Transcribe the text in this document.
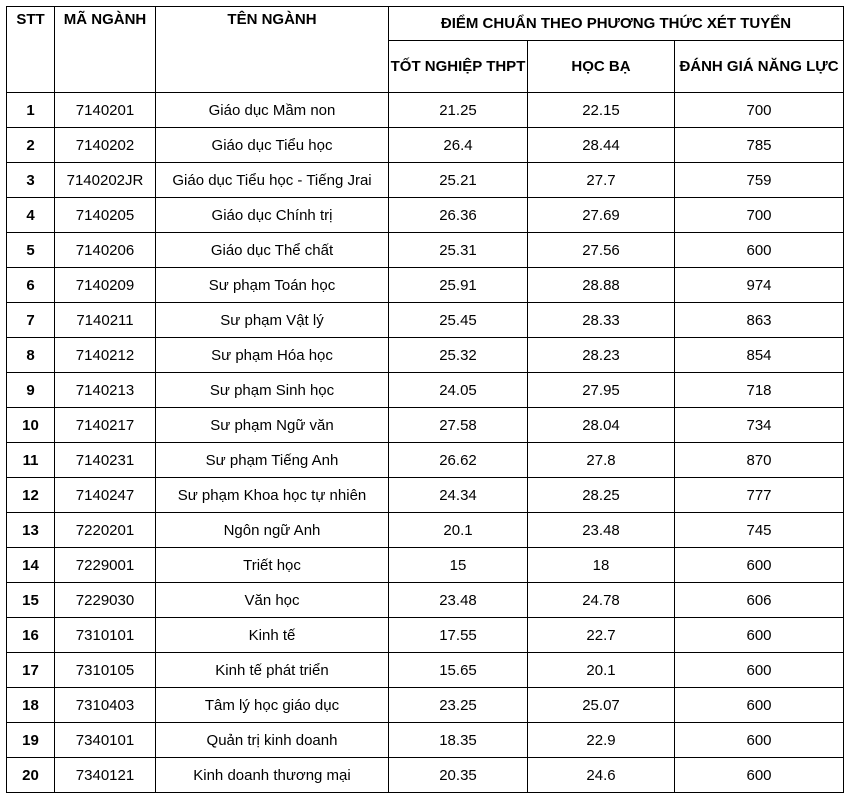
STT	MÃ NGÀNH	TÊN NGÀNH	ĐIỂM CHUẨN THEO PHƯƠNG THỨC XÉT TUYỂN		
			TỐT NGHIỆP THPT	HỌC BẠ	ĐÁNH GIÁ NĂNG LỰC
1	7140201	Giáo dục Mầm non	21.25	22.15	700
2	7140202	Giáo dục Tiểu học	26.4	28.44	785
3	7140202JR	Giáo dục Tiểu học - Tiếng Jrai	25.21	27.7	759
4	7140205	Giáo dục Chính trị	26.36	27.69	700
5	7140206	Giáo dục Thể chất	25.31	27.56	600
6	7140209	Sư phạm Toán học	25.91	28.88	974
7	7140211	Sư phạm Vật lý	25.45	28.33	863
8	7140212	Sư phạm Hóa học	25.32	28.23	854
9	7140213	Sư phạm Sinh học	24.05	27.95	718
10	7140217	Sư phạm Ngữ văn	27.58	28.04	734
11	7140231	Sư phạm Tiếng Anh	26.62	27.8	870
12	7140247	Sư phạm Khoa học tự nhiên	24.34	28.25	777
13	7220201	Ngôn ngữ Anh	20.1	23.48	745
14	7229001	Triết học	15	18	600
15	7229030	Văn học	23.48	24.78	606
16	7310101	Kinh tế	17.55	22.7	600
17	7310105	Kinh tế phát triển	15.65	20.1	600
18	7310403	Tâm lý học giáo dục	23.25	25.07	600
19	7340101	Quản trị kinh doanh	18.35	22.9	600
20	7340121	Kinh doanh thương mại	20.35	24.6	600
